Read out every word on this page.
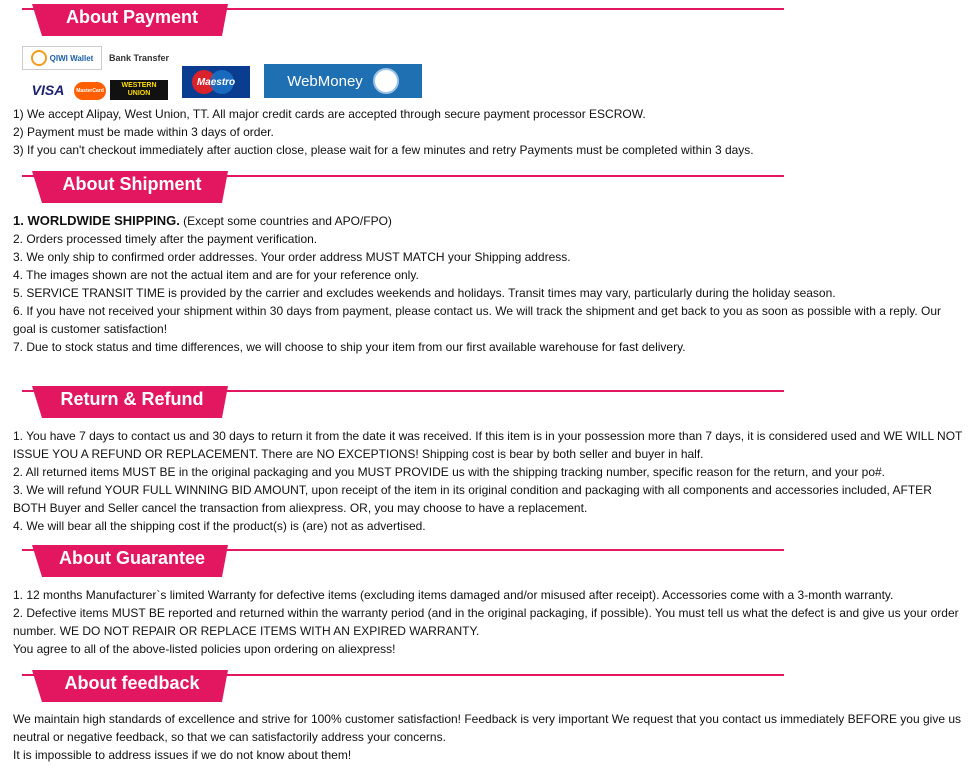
About Payment
QIWI Wallet Bank Transfer
VISA MasterCard
WESTERN UNION
Maestro	WebMoney

1) We accept Alipay, West Union, TT. All major credit cards are accepted through secure payment processor ESCROW.

2) Payment must be made within 3 days of order.

3) If you can't checkout immediately after auction close, please wait for a few minutes and retry Payments must be completed within 3 days.

About Shipment

1. WORLDWIDE SHIPPING. (Except some countries and APO/FPO)

2. Orders processed timely after the payment verification.

3. We only ship to confirmed order addresses. Your order address MUST MATCH your Shipping address.

4. The images shown are not the actual item and are for your reference only.

5. SERVICE TRANSIT TIME is provided by the carrier and excludes weekends and holidays. Transit times may vary, particularly during the holiday season.

6. If you have not received your shipment within 30 days from payment, please contact us. We will track the shipment and get back to you as soon as possible with a reply. Our goal is customer satisfaction!

7. Due to stock status and time differences, we will choose to ship your item from our first available warehouse for fast delivery.

Return & Refund

1. You have 7 days to contact us and 30 days to return it from the date it was received. If this item is in your possession more than 7 days, it is considered used and WE WILL NOT ISSUE YOU A REFUND OR REPLACEMENT. There are NO EXCEPTIONS! Shipping cost is bear by both seller and buyer in half.

2. All returned items MUST BE in the original packaging and you MUST PROVIDE us with the shipping tracking number, specific reason for the return, and your po#.

3. We will refund YOUR FULL WINNING BID AMOUNT, upon receipt of the item in its original condition and packaging with all components and accessories included, AFTER BOTH Buyer and Seller cancel the transaction from aliexpress. OR, you may choose to have a replacement.

4. We will bear all the shipping cost if the product(s) is (are) not as advertised.

About Guarantee

1. 12 months Manufacturer`s limited Warranty for defective items (excluding items damaged and/or misused after receipt). Accessories come with a 3-month warranty.

2. Defective items MUST BE reported and returned within the warranty period (and in the original packaging, if possible). You must tell us what the defect is and give us your order number. WE DO NOT REPAIR OR REPLACE ITEMS WITH AN EXPIRED WARRANTY.

You agree to all of the above-listed policies upon ordering on aliexpress!

About feedback

We maintain high standards of excellence and strive for 100% customer satisfaction! Feedback is very important We request that you contact us immediately BEFORE you give us neutral or negative feedback, so that we can satisfactorily address your concerns.

It is impossible to address issues if we do not know about them!
